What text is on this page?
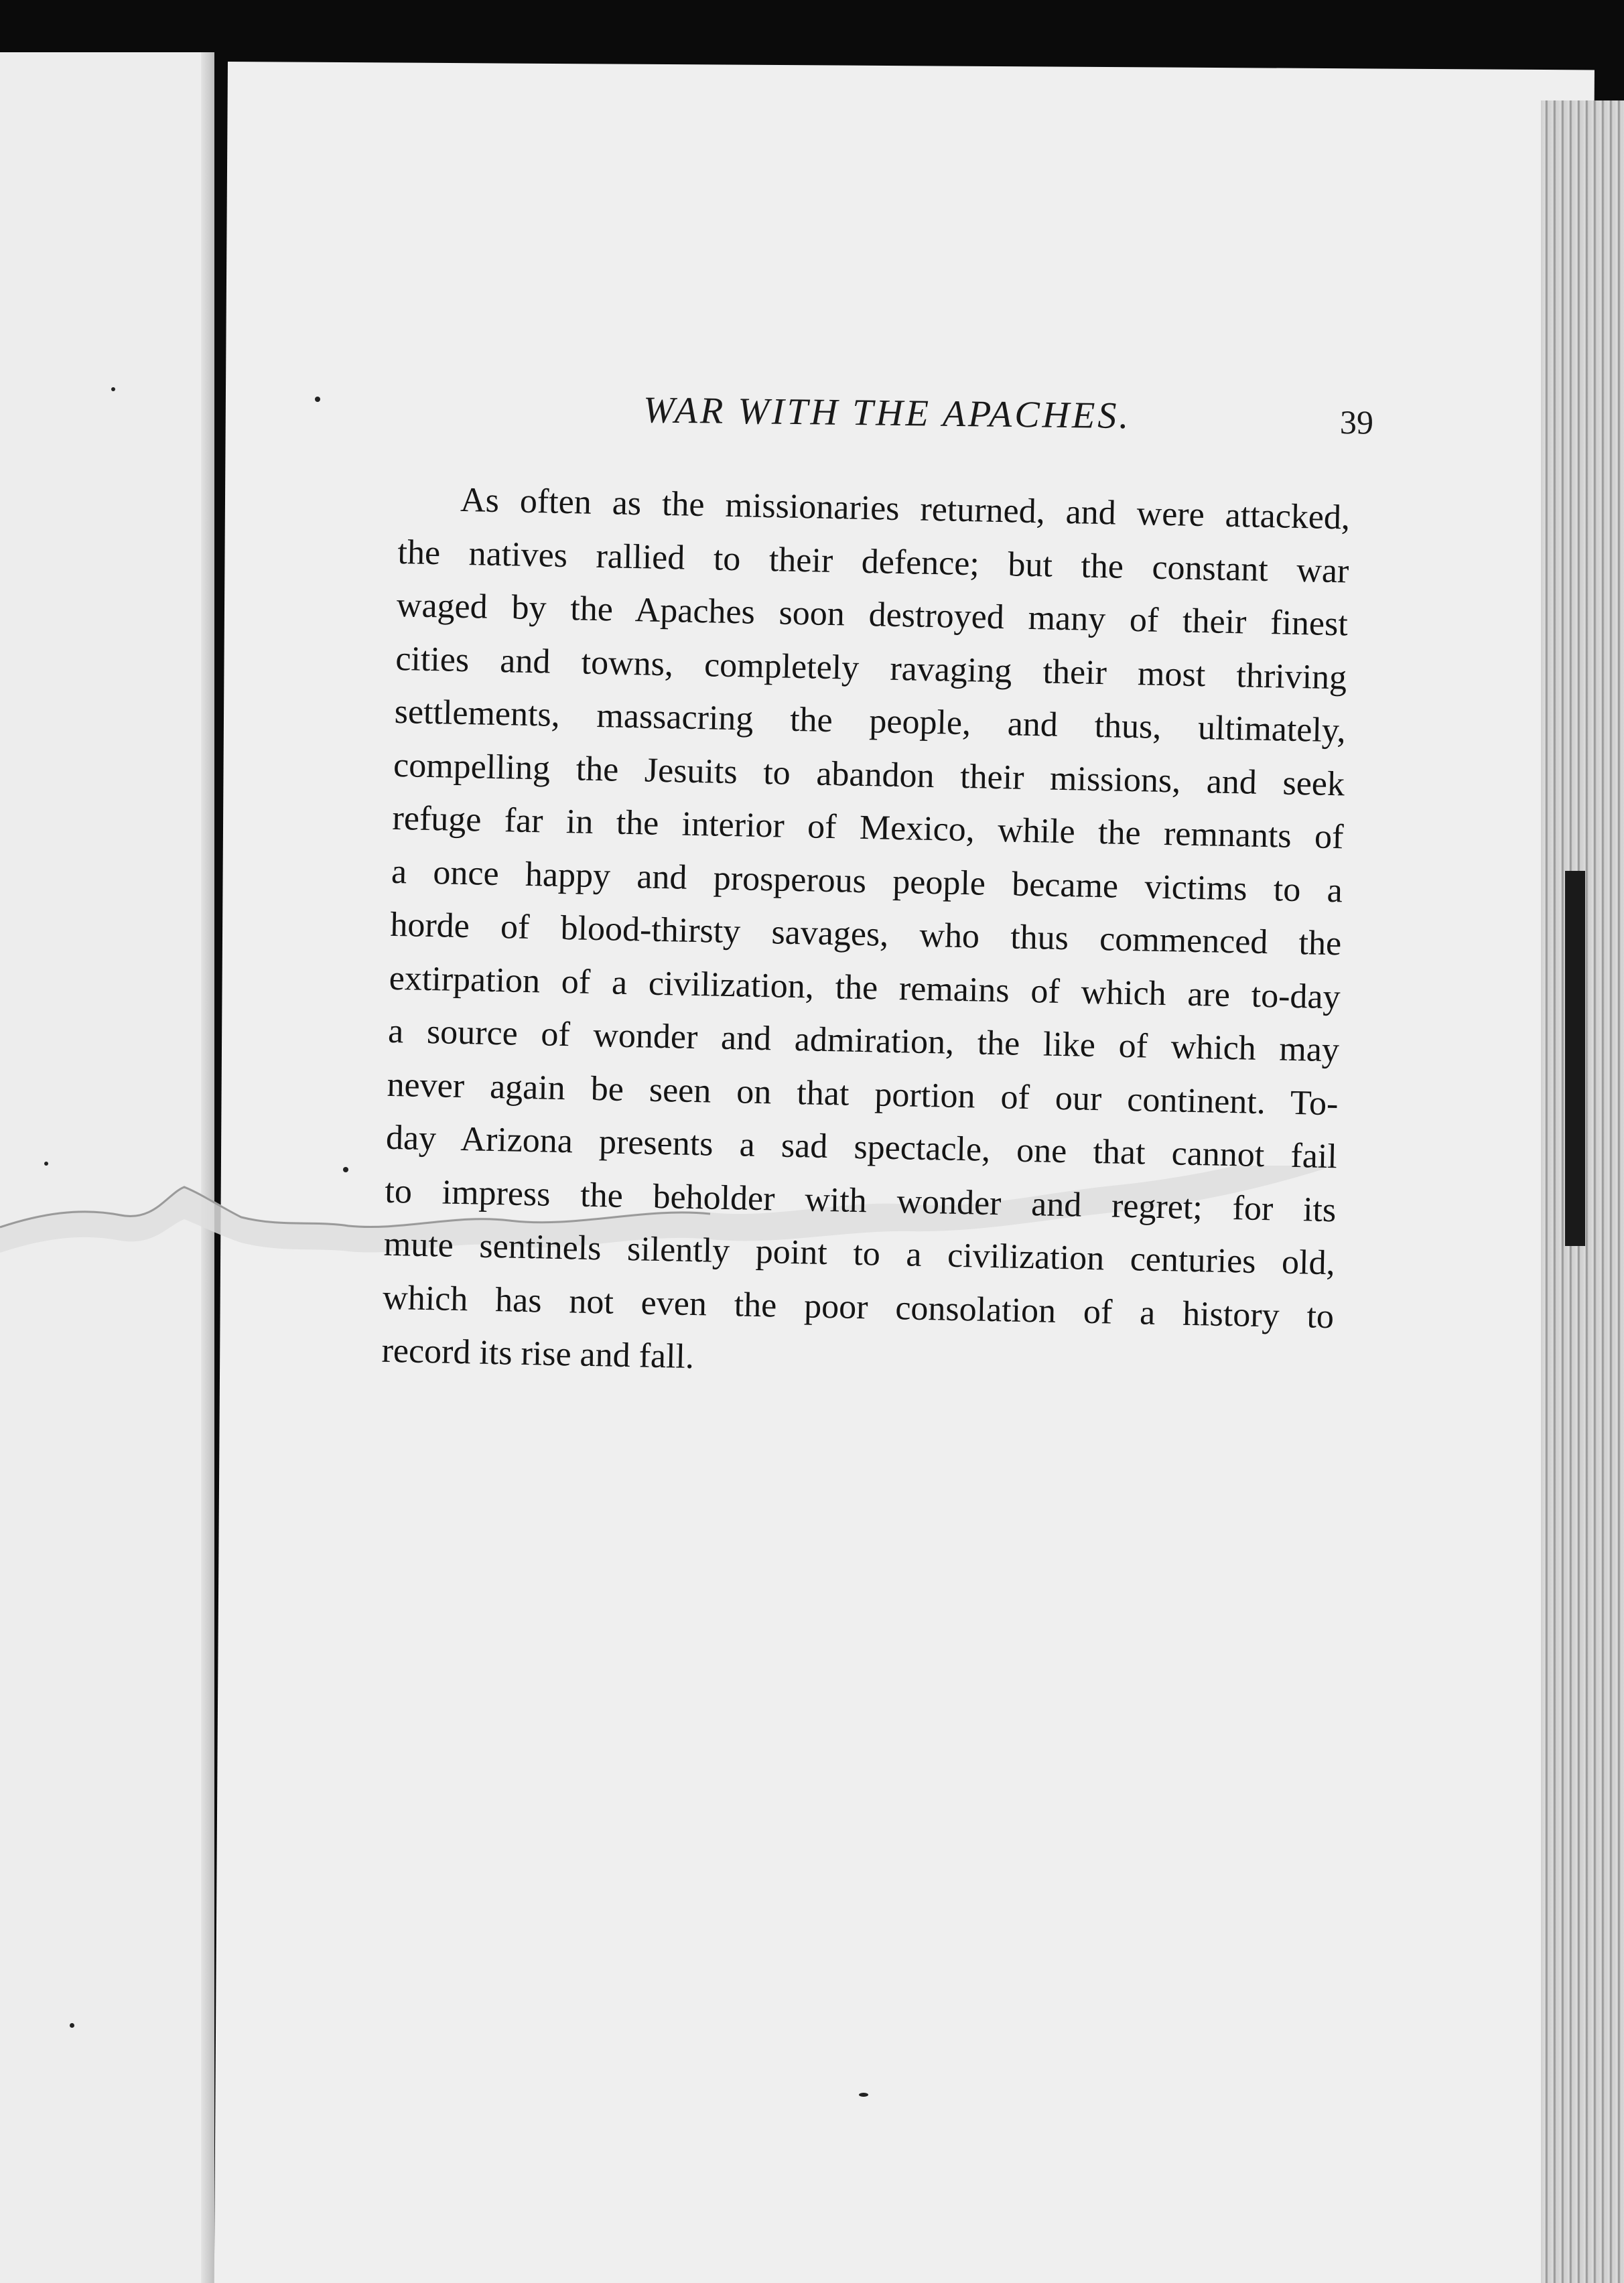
WAR WITH THE APACHES.	39
As often as the missionaries returned, and were attacked,
the natives rallied to their defence; but the constant war
waged by the Apaches soon destroyed many of their finest
cities and towns, completely ravaging their most thriving
settlements, massacring the people, and thus, ultimately,
compelling the Jesuits to abandon their missions, and seek
refuge far in the interior of Mexico, while the remnants of
a once happy and prosperous people became victims to a
horde of blood-thirsty savages, who thus commenced the
extirpation of a civilization, the remains of which are to-day
a source of wonder and admiration, the like of which may
never again be seen on that portion of our continent. To-
day Arizona presents a sad spectacle, one that cannot fail
to impress the beholder with wonder and regret; for its
mute sentinels silently point to a civilization centuries old,
which has not even the poor consolation of a history to
record its rise and fall.
